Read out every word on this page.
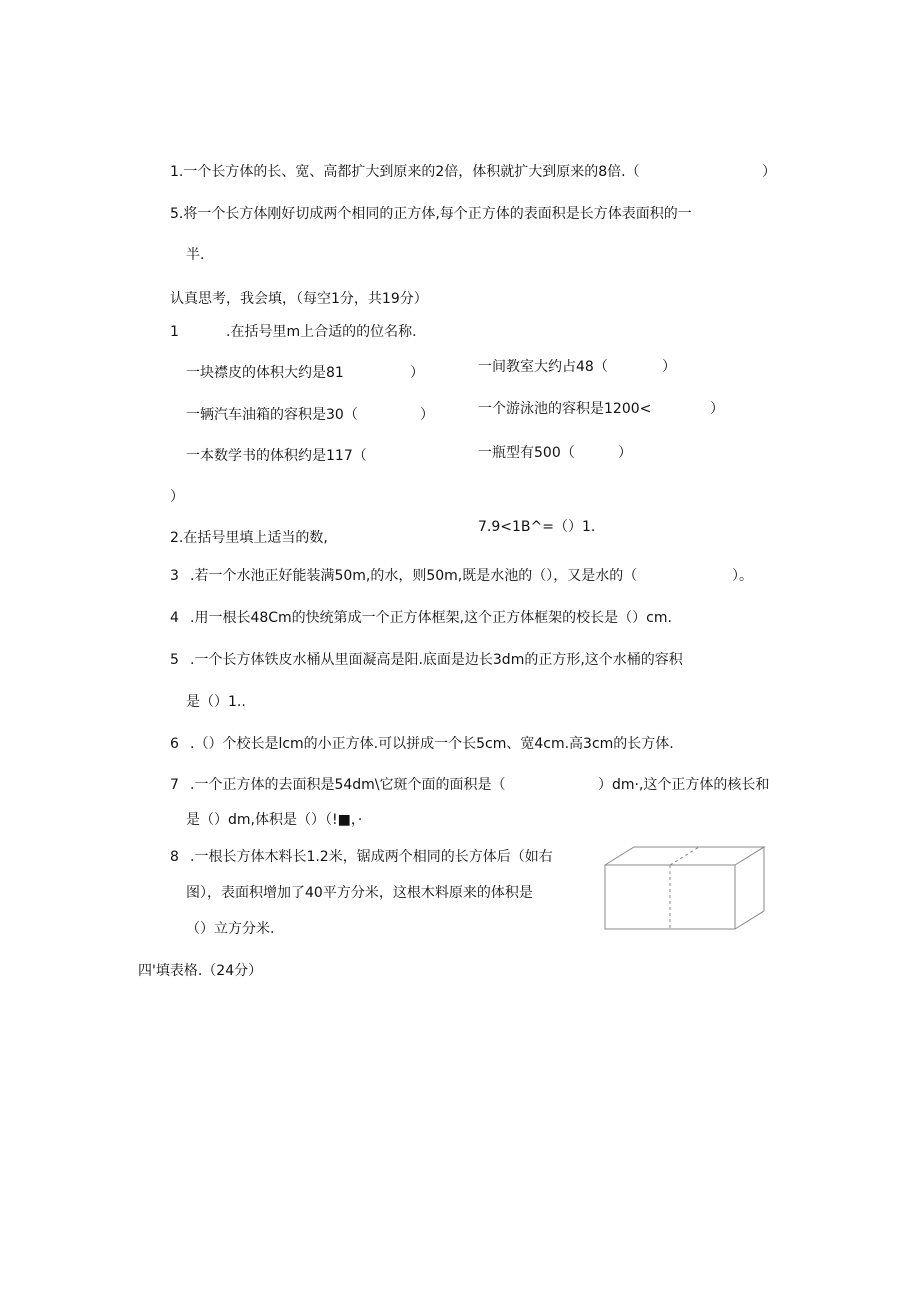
1.一个长方体的长、宽、高都扩大到原来的2倍，体积就扩大到原来的8倍.（	）
5.将一个长方体刚好切成两个相同的正方体,每个正方体的表面积是长方体表面积的一
半.
认真思考，我会填，（每空1分，共19分）
1	.在括号里m上合适的的位名称.
一块襟皮的体积大约是81	）	一间教室大约占48（	）
一辆汽车油箱的容积是30（	）	一个游泳池的容积是1200<	）
一本数学书的体积约是117（	一瓶型有500（	）
）
7.9<1B^=（）1.
2.在括号里填上适当的数,
3 .若一个水池正好能装满50m,的水，则50m,既是水池的（），又是水的（	）。
4 .用一根长48Cm的快统第成一个正方体框架,这个正方体框架的校长是（）cm.
5 .一个长方体铁皮水桶从里面凝高是阳.底面是边长3dm的正方形,这个水桶的容积
是（）1..
6 .（）个校长是lcm的小正方体.可以拼成一个长5cm、宽4cm.高3cm的长方体.
7 .一个正方体的去面积是54dm\它斑个面的面积是（	）dm·,这个正方体的核长和
是（）dm,体积是（）（!■，·
8 .一根长方体木料长1.2米，锯成两个相同的长方体后（如右
图），表面积增加了40平方分米，这根木料原来的体积是
（）立方分米.
四'填表格.（24分）
